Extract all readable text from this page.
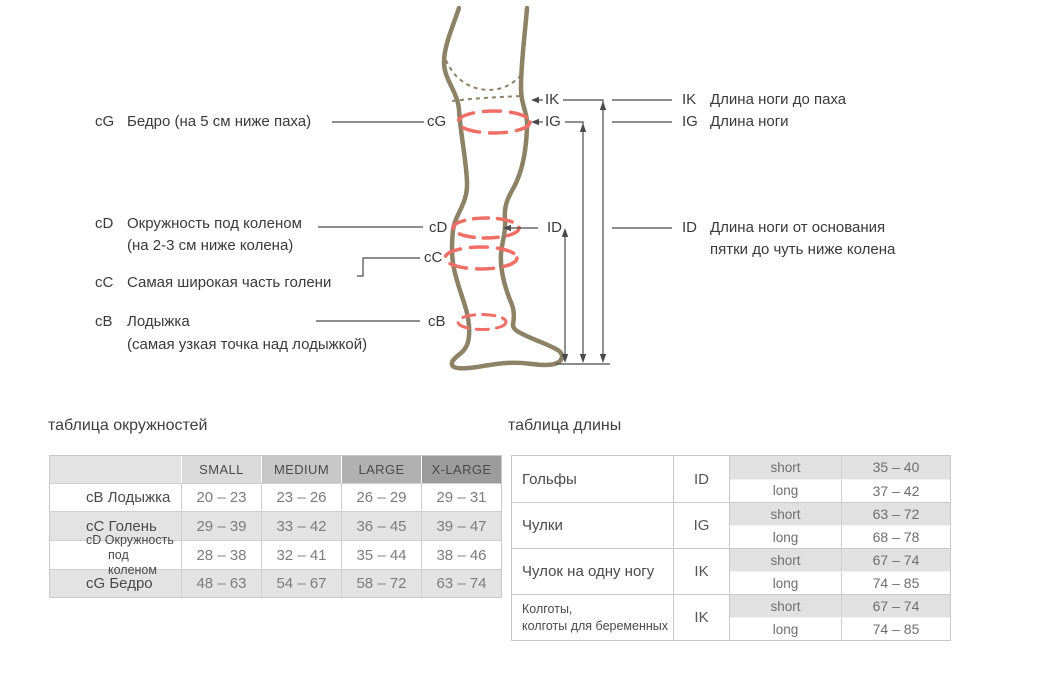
cG Бедро (на 5 см ниже паха)
cD Окружность под коленом
(на 2-3 см ниже колена)
cC Самая широкая часть голени
cB Лодыжка
(самая узкая точка над лодыжкой)
IK Длина ноги до паха
IG Длина ноги
ID Длина ноги от основания
пятки до чуть ниже колена
cG
cD
cC
cB
IK
IG
ID
таблица окружностей
SMALL	MEDIUM	LARGE	X-LARGE
cB Лодыжка	20 – 23	23 – 26	26 – 29	29 – 31
cC Голень	29 – 39	33 – 42	36 – 45	39 – 47
cD Окружность
под коленом
28 – 38	32 – 41	35 – 44	38 – 46
cG Бедро	48 – 63	54 – 67	58 – 72	63 – 74
таблица длины
Гольфы	ID
short	35 – 40
long	37 – 42
Чулки	IG
short	63 – 72
long	68 – 78
Чулок на одну ногу	IK
short	67 – 74
long	74 – 85
Колготы,
колготы для беременных	IK
short	67 – 74
long	74 – 85
